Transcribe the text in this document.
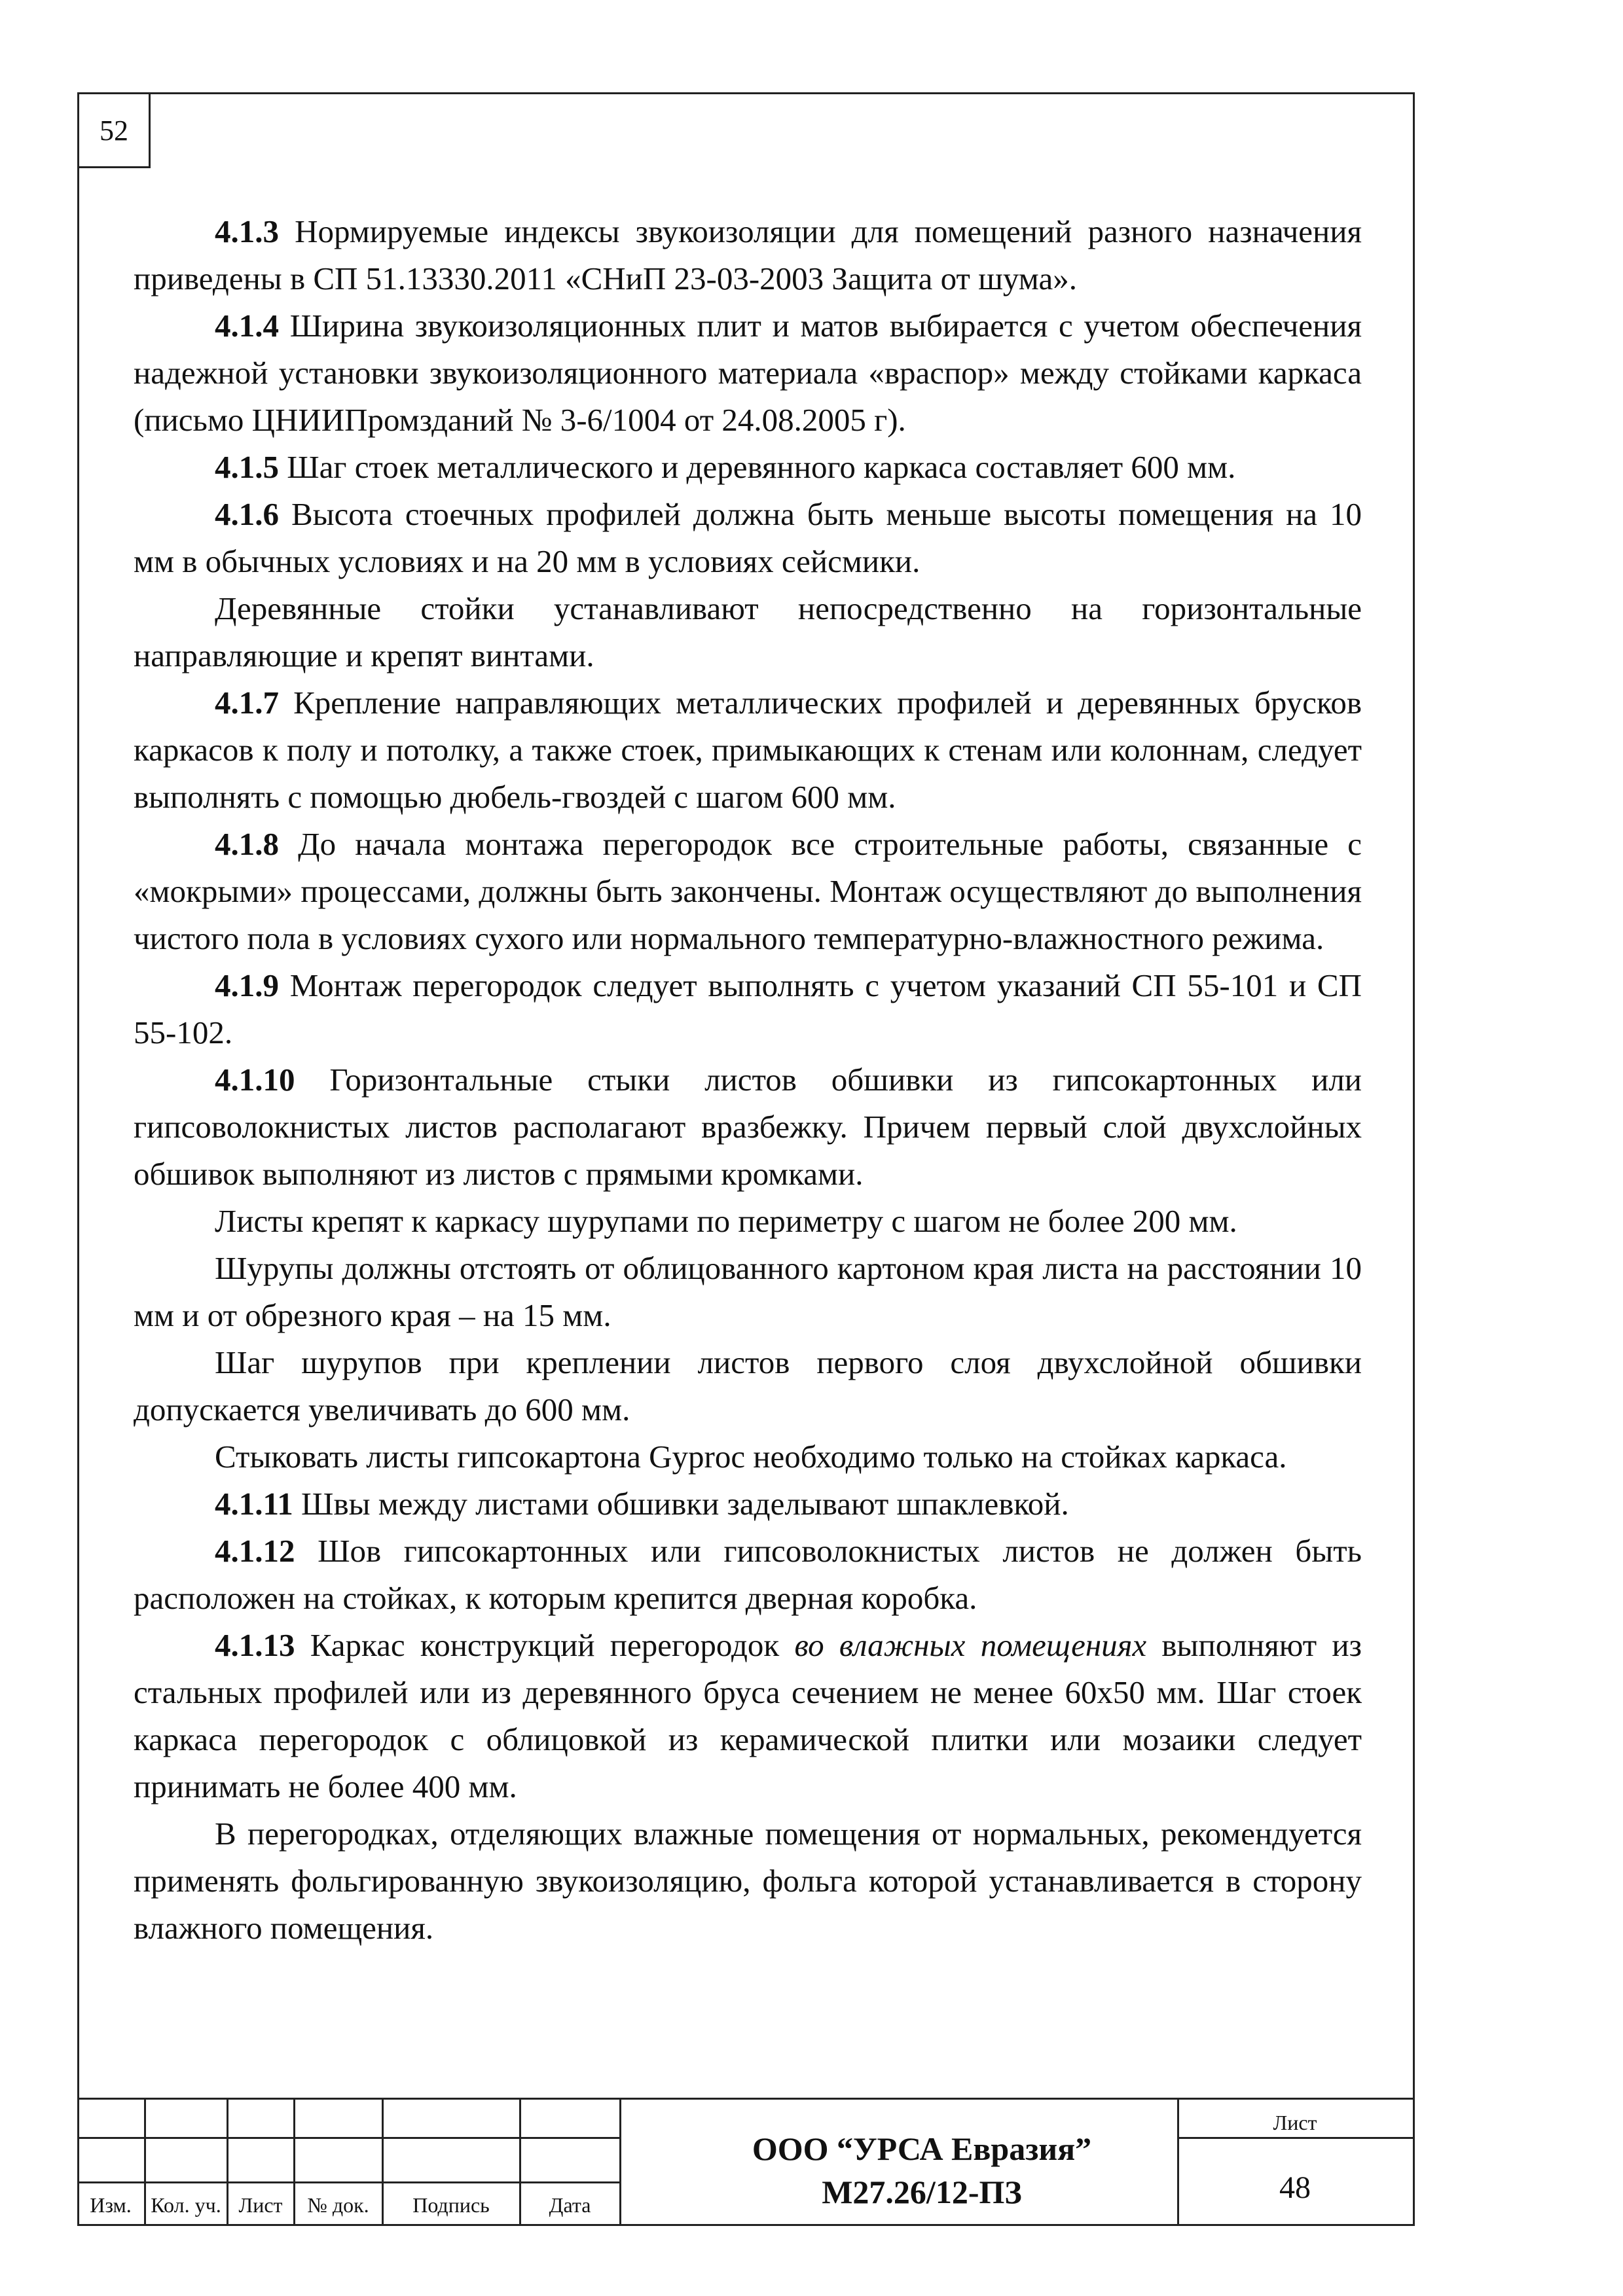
52

4.1.3 Нормируемые индексы звукоизоляции для помещений разного назначения приведены в СП 51.13330.2011 «СНиП 23-03-2003 Защита от шума».

4.1.4 Ширина звукоизоляционных плит и матов выбирается с учетом обеспечения надежной установки звукоизоляционного материала «враспор» между стойками каркаса (письмо ЦНИИПромзданий № 3-6/1004 от 24.08.2005 г).

4.1.5 Шаг стоек металлического и деревянного каркаса составляет 600 мм.

4.1.6 Высота стоечных профилей должна быть меньше высоты помещения на 10 мм в обычных условиях и на 20 мм в условиях сейсмики.

Деревянные стойки устанавливают непосредственно на горизонтальные направляющие и крепят винтами.

4.1.7 Крепление направляющих металлических профилей и деревянных брусков каркасов к полу и потолку, а также стоек, примыкающих к стенам или колоннам, следует выполнять с помощью дюбель-гвоздей с шагом 600 мм.

4.1.8 До начала монтажа перегородок все строительные работы, связанные с «мокрыми» процессами, должны быть закончены. Монтаж осуществляют до выполнения чистого пола в условиях сухого или нормального температурно-влажностного режима.

4.1.9 Монтаж перегородок следует выполнять с учетом указаний СП 55-101 и СП 55-102.

4.1.10 Горизонтальные стыки листов обшивки из гипсокартонных или гипсоволокнистых листов располагают вразбежку. Причем первый слой двухслойных обшивок выполняют из листов с прямыми кромками.

Листы крепят к каркасу шурупами по периметру с шагом не более 200 мм.

Шурупы должны отстоять от облицованного картоном края листа на расстоянии 10 мм и от обрезного края – на 15 мм.

Шаг шурупов при креплении листов первого слоя двухслойной обшивки допускается увеличивать до 600 мм.

Стыковать листы гипсокартона Gyproc необходимо только на стойках каркаса.

4.1.11 Швы между листами обшивки заделывают шпаклевкой.

4.1.12 Шов гипсокартонных или гипсоволокнистых листов не должен быть расположен на стойках, к которым крепится дверная коробка.

4.1.13 Каркас конструкций перегородок во влажных помещениях выполняют из стальных профилей или из деревянного бруса сечением не менее 60х50 мм. Шаг стоек каркаса перегородок с облицовкой из керамической плитки или мозаики следует принимать не более 400 мм.

В перегородках, отделяющих влажные помещения от нормальных, рекомендуется применять фольгированную звукоизоляцию, фольга которой устанавливается в сторону влажного помещения.

Изм. Кол. уч. Лист	№ док.	Подпись	Дата
ООО “УРСА Евразия”
М27.26/12-ПЗ
Лист
48
